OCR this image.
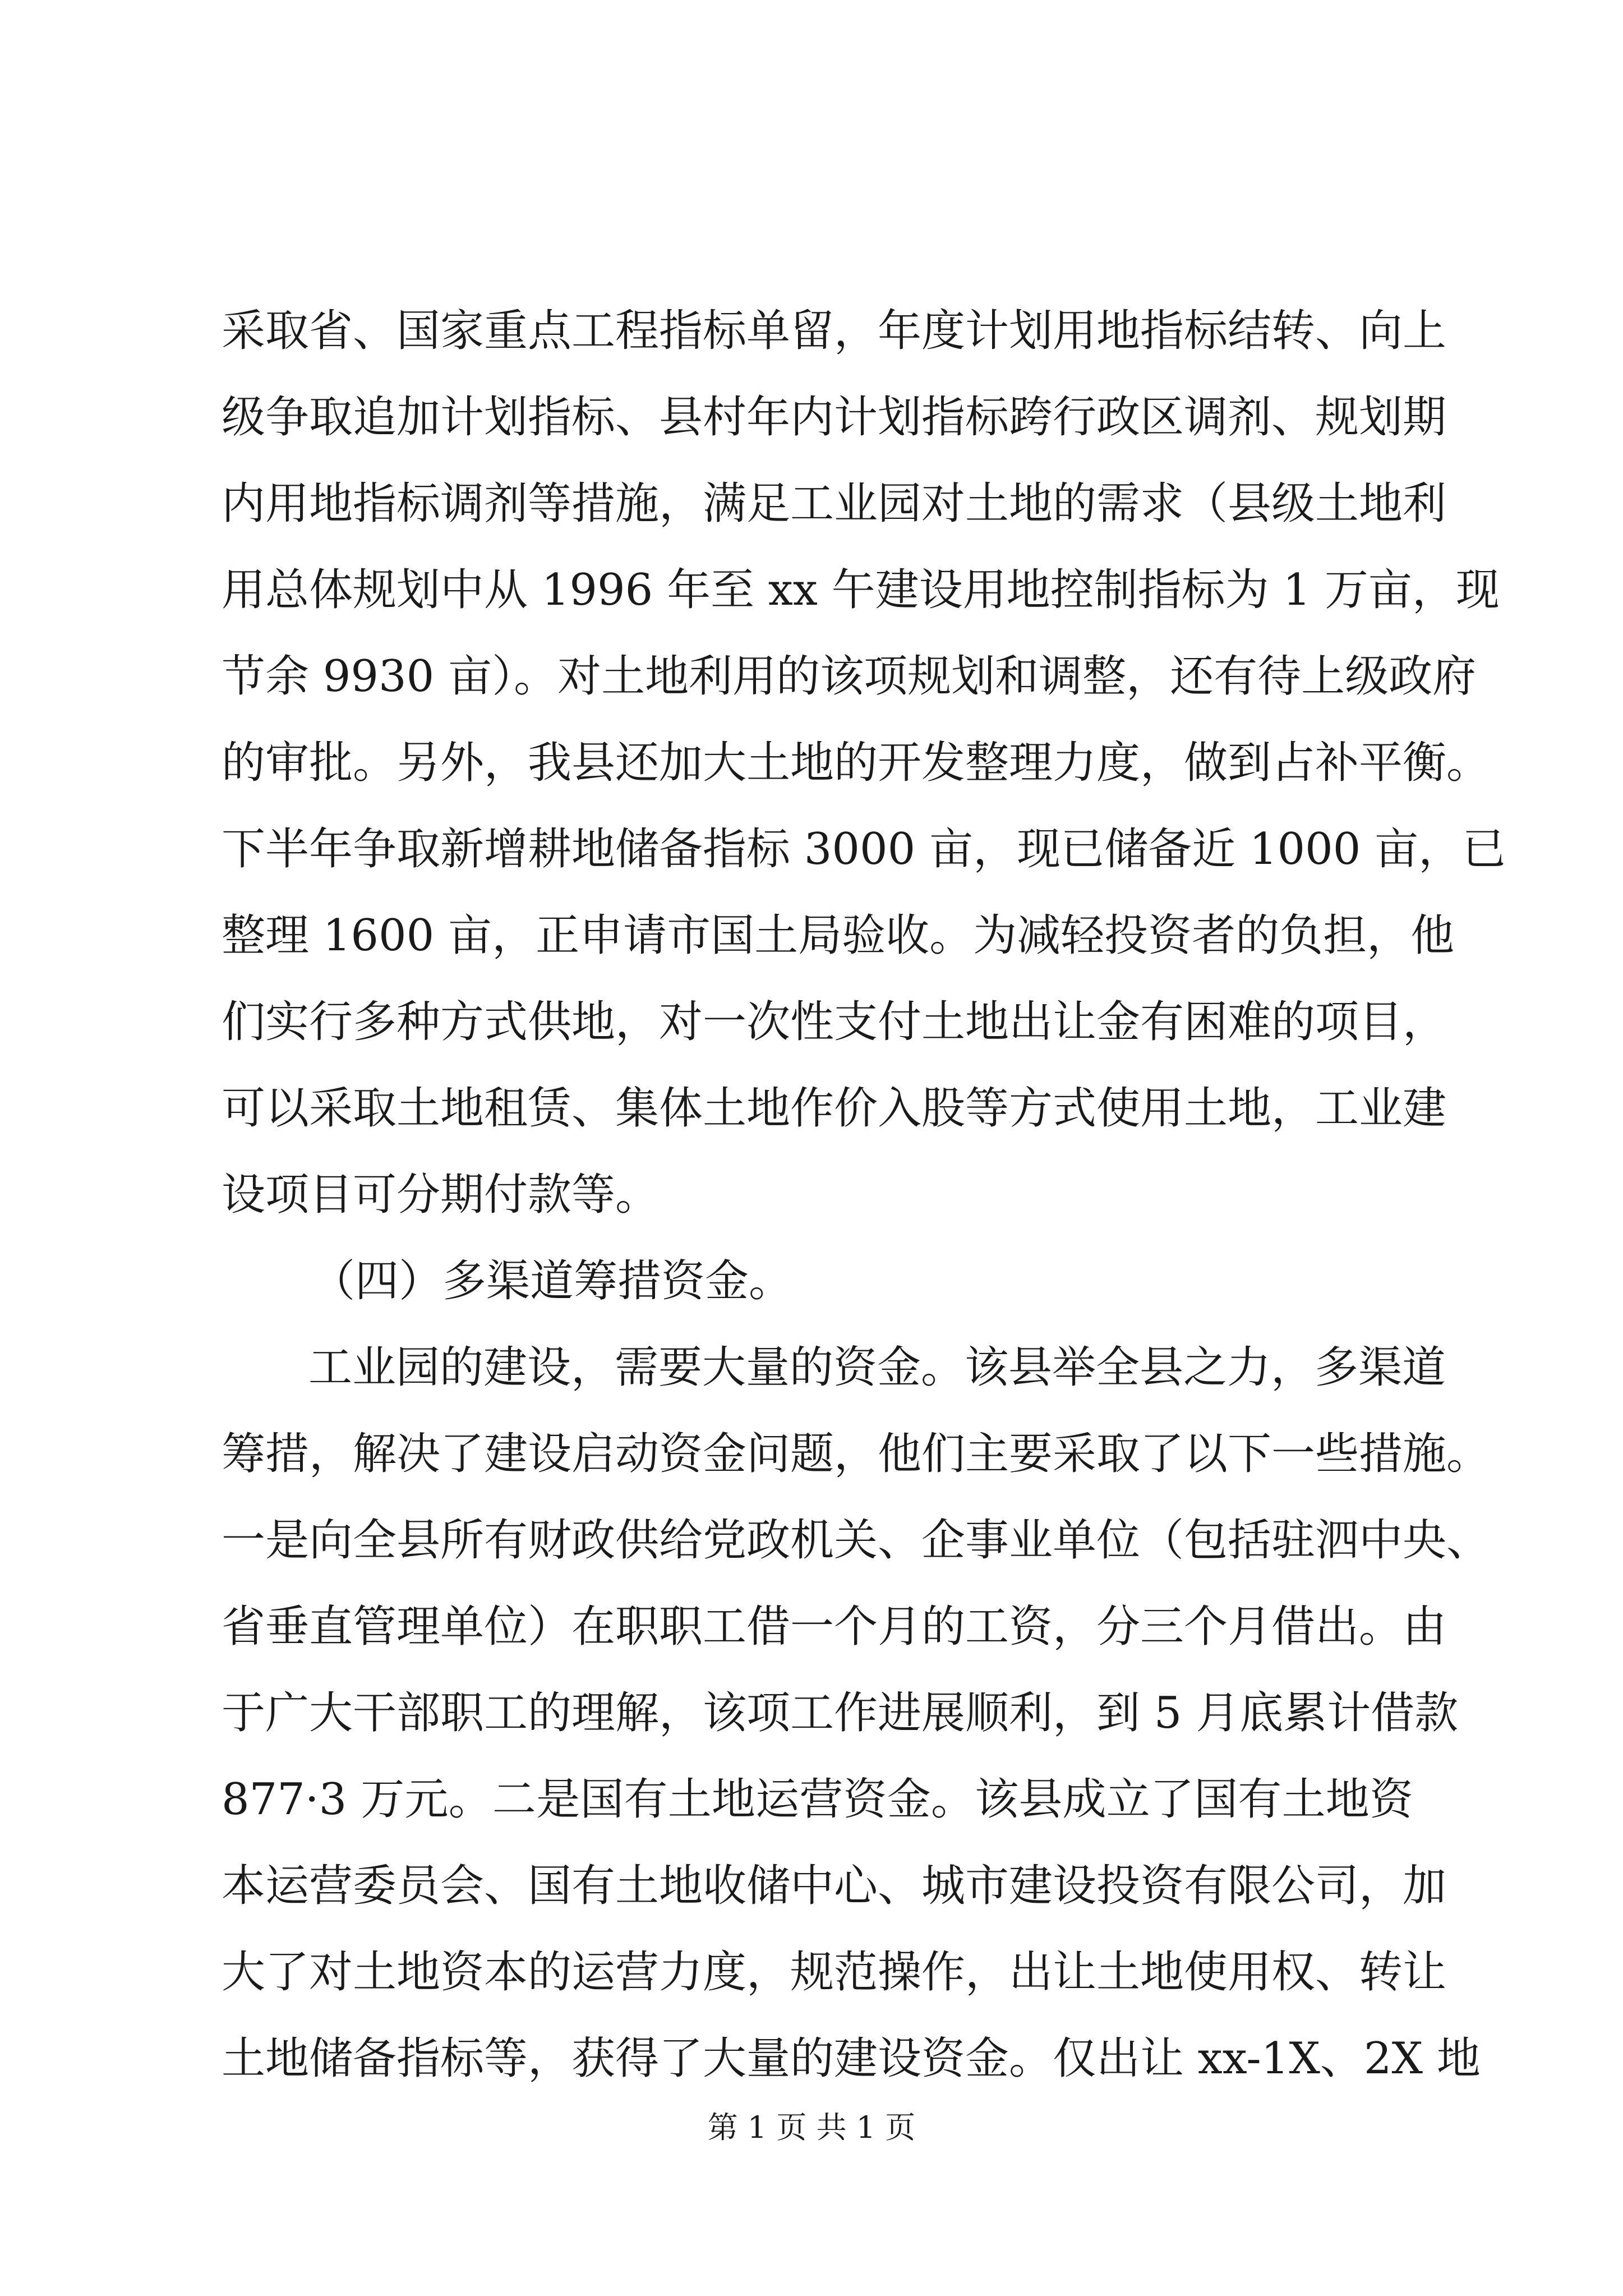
采取省、国家重点工程指标单留，年度计划用地指标结转、向上
级争取追加计划指标、县村年内计划指标跨行政区调剂、规划期
内用地指标调剂等措施，满足工业园对土地的需求（县级土地利
用总体规划中从 1996 年至 xx 午建设用地控制指标为 1 万亩，现
节余 9930 亩）。对土地利用的该项规划和调整，还有待上级政府
的审批。另外，我县还加大土地的开发整理力度，做到占补平衡。
下半年争取新增耕地储备指标 3000 亩，现已储备近 1000 亩，已
整理 1600 亩，正申请市国土局验收。为减轻投资者的负担，他
们实行多种方式供地，对一次性支付土地出让金有困难的项目，
可以采取土地租赁、集体土地作价入股等方式使用土地，工业建
设项目可分期付款等。
（四）多渠道筹措资金。
工业园的建设，需要大量的资金。该县举全县之力，多渠道
筹措，解决了建设启动资金问题，他们主要采取了以下一些措施。
一是向全县所有财政供给党政机关、企事业单位（包括驻泗中央、
省垂直管理单位）在职职工借一个月的工资，分三个月借出。由
于广大干部职工的理解，该项工作进展顺利，到 5 月底累计借款
877·3 万元。二是国有土地运营资金。该县成立了国有土地资
本运营委员会、国有土地收储中心、城市建设投资有限公司，加
大了对土地资本的运营力度，规范操作，出让土地使用权、转让
土地储备指标等，获得了大量的建设资金。仅出让 xx-1X、2X 地
第 1 页 共 1 页
